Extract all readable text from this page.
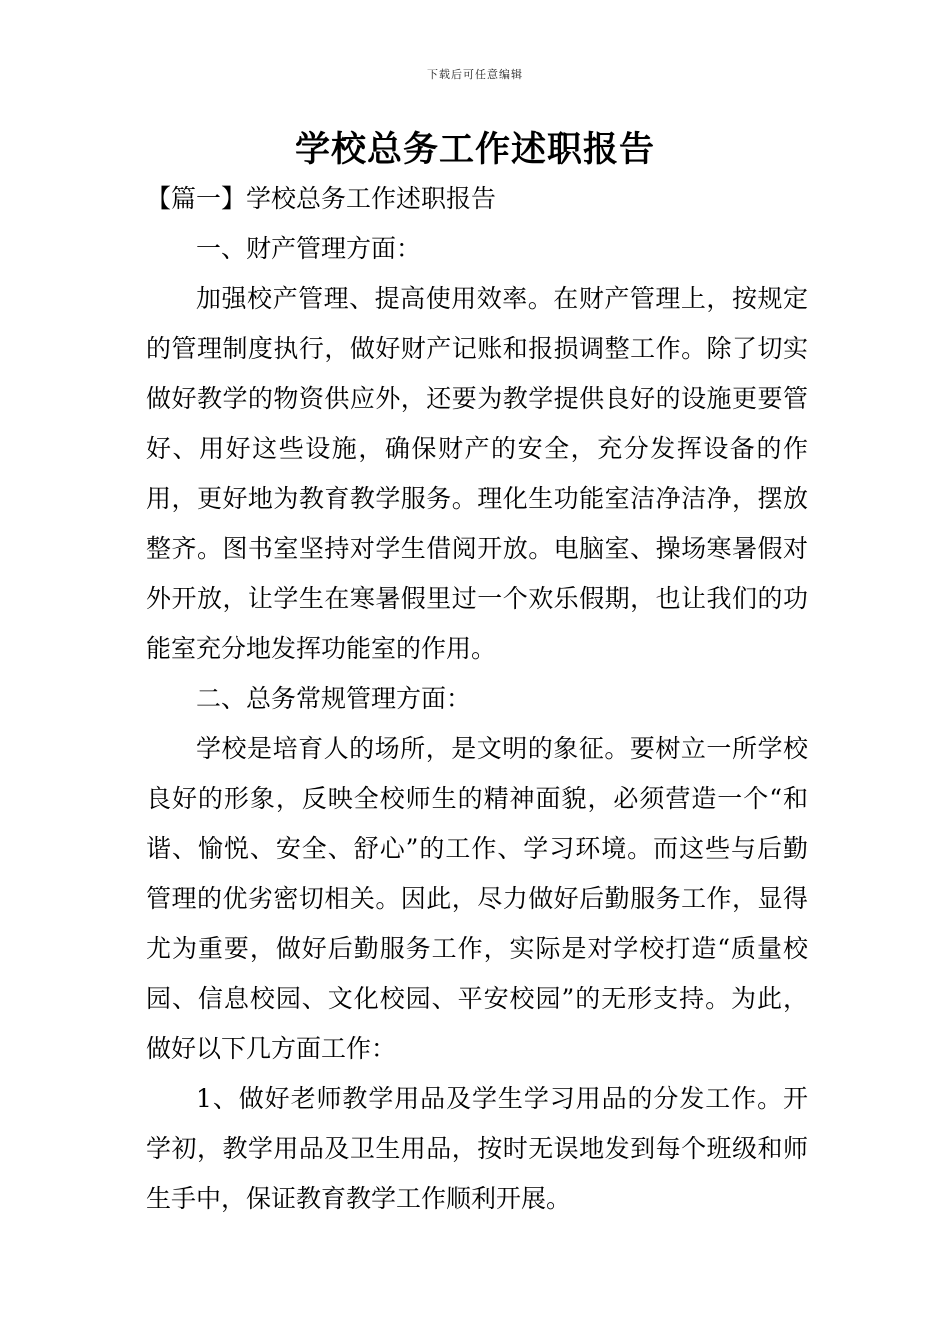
下载后可任意编辑
学校总务工作述职报告

【篇一】学校总务工作述职报告

一、财产管理方面：

加强校产管理、提高使用效率。在财产管理上，按规定的管理制度执行，做好财产记账和报损调整工作。除了切实做好教学的物资供应外，还要为教学提供良好的设施更要管好、用好这些设施，确保财产的安全，充分发挥设备的作用，更好地为教育教学服务。理化生功能室洁净洁净，摆放整齐。图书室坚持对学生借阅开放。电脑室、操场寒暑假对外开放，让学生在寒暑假里过一个欢乐假期，也让我们的功能室充分地发挥功能室的作用。

二、总务常规管理方面：

学校是培育人的场所，是文明的象征。要树立一所学校良好的形象，反映全校师生的精神面貌，必须营造一个“和谐、愉悦、安全、舒心”的工作、学习环境。而这些与后勤管理的优劣密切相关。因此，尽力做好后勤服务工作，显得尤为重要，做好后勤服务工作，实际是对学校打造“质量校园、信息校园、文化校园、平安校园”的无形支持。为此，做好以下几方面工作：

1、做好老师教学用品及学生学习用品的分发工作。开学初，教学用品及卫生用品，按时无误地发到每个班级和师生手中，保证教育教学工作顺利开展。
